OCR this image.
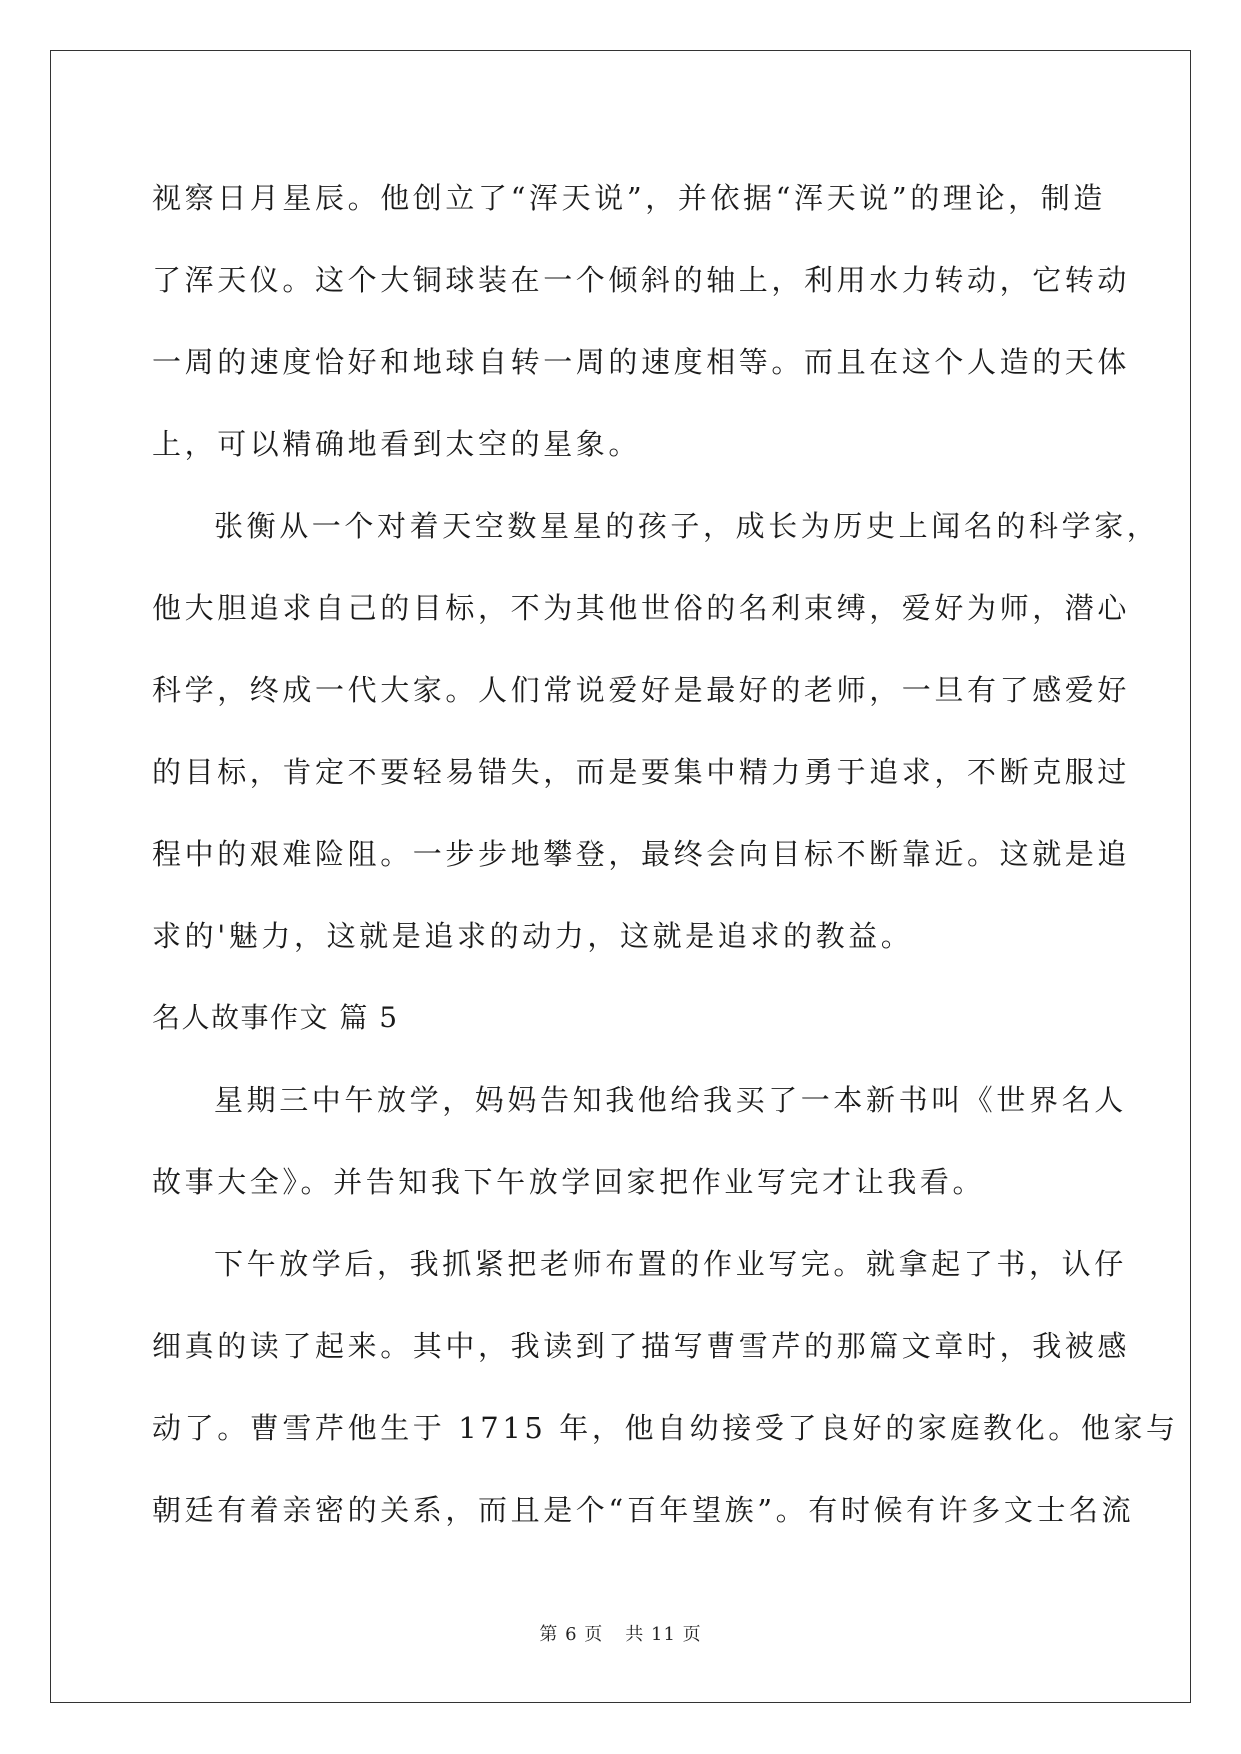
视察日月星辰。他创立了“浑天说”，并依据“浑天说”的理论，制造
了浑天仪。这个大铜球装在一个倾斜的轴上，利用水力转动，它转动
一周的速度恰好和地球自转一周的速度相等。而且在这个人造的天体
上，可以精确地看到太空的星象。
张衡从一个对着天空数星星的孩子，成长为历史上闻名的科学家，
他大胆追求自己的目标，不为其他世俗的名利束缚，爱好为师，潜心
科学，终成一代大家。人们常说爱好是最好的老师，一旦有了感爱好
的目标，肯定不要轻易错失，而是要集中精力勇于追求，不断克服过
程中的艰难险阻。一步步地攀登，最终会向目标不断靠近。这就是追
求的'魅力，这就是追求的动力，这就是追求的教益。
名人故事作文 篇 5
星期三中午放学，妈妈告知我他给我买了一本新书叫《世界名人
故事大全》。并告知我下午放学回家把作业写完才让我看。
下午放学后，我抓紧把老师布置的作业写完。就拿起了书，认仔
细真的读了起来。其中，我读到了描写曹雪芹的那篇文章时，我被感
动了。曹雪芹他生于 1715 年，他自幼接受了良好的家庭教化。他家与
朝廷有着亲密的关系，而且是个“百年望族”。有时候有许多文士名流
第 6 页 共 11 页
